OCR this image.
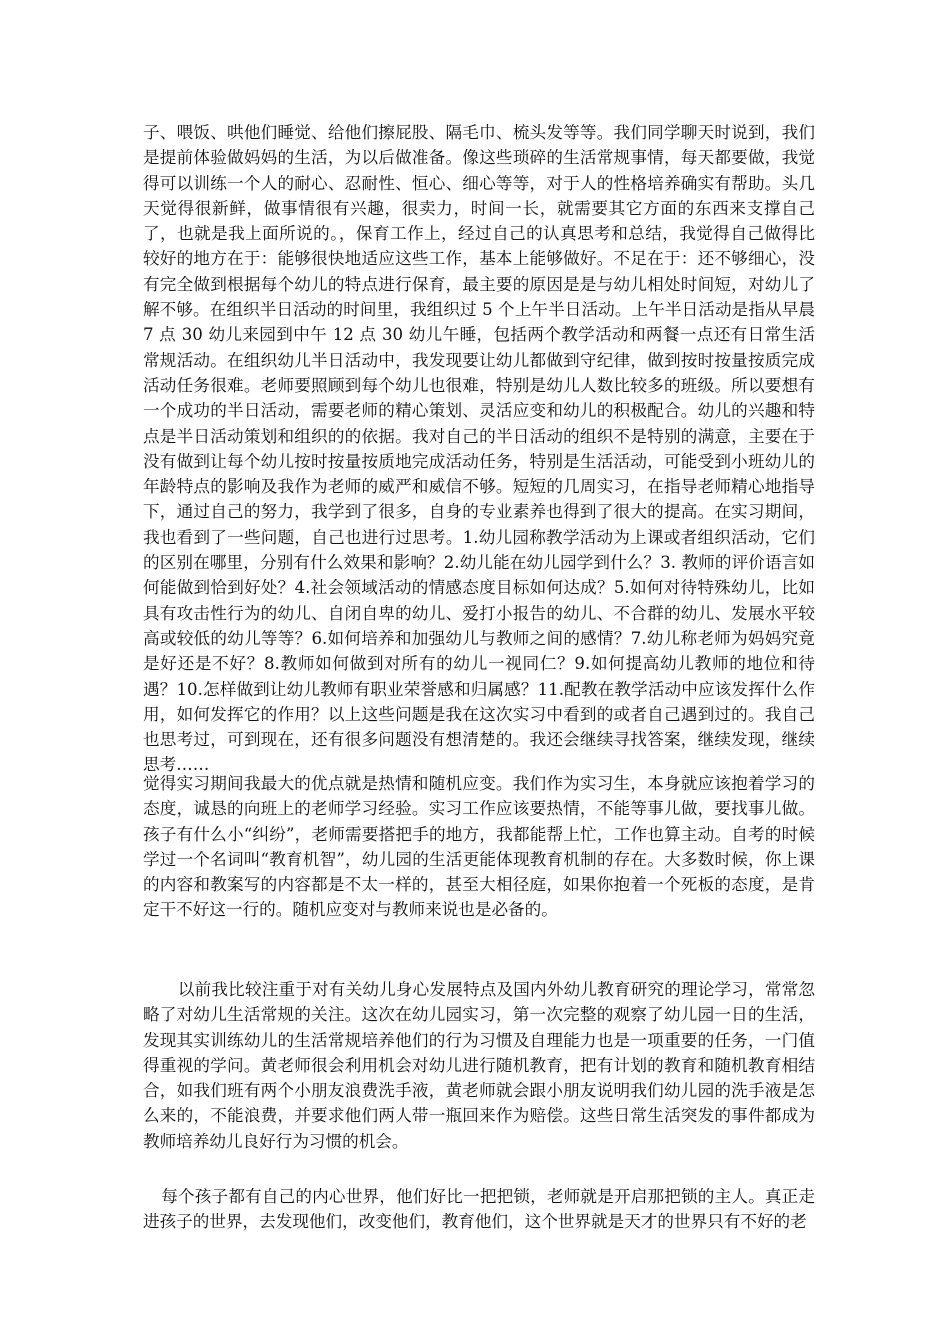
子、喂饭、哄他们睡觉、给他们擦屁股、隔毛巾、梳头发等等。我们同学聊天时说到，我们是提前体验做妈妈的生活，为以后做准备。像这些琐碎的生活常规事情，每天都要做，我觉得可以训练一个人的耐心、忍耐性、恒心、细心等等，对于人的性格培养确实有帮助。头几天觉得很新鲜，做事情很有兴趣，很卖力，时间一长，就需要其它方面的东西来支撑自己了，也就是我上面所说的。，保育工作上，经过自己的认真思考和总结，我觉得自己做得比较好的地方在于：能够很快地适应这些工作，基本上能够做好。不足在于：还不够细心，没有完全做到根据每个幼儿的特点进行保育，最主要的原因是是与幼儿相处时间短，对幼儿了解不够。在组织半日活动的时间里，我组织过 5 个上午半日活动。上午半日活动是指从早晨 7 点 30 幼儿来园到中午 12 点 30 幼儿午睡，包括两个教学活动和两餐一点还有日常生活常规活动。在组织幼儿半日活动中，我发现要让幼儿都做到守纪律，做到按时按量按质完成活动任务很难。老师要照顾到每个幼儿也很难，特别是幼儿人数比较多的班级。所以要想有一个成功的半日活动，需要老师的精心策划、灵活应变和幼儿的积极配合。幼儿的兴趣和特点是半日活动策划和组织的的依据。我对自己的半日活动的组织不是特别的满意，主要在于没有做到让每个幼儿按时按量按质地完成活动任务，特别是生活活动，可能受到小班幼儿的年龄特点的影响及我作为老师的威严和威信不够。短短的几周实习，在指导老师精心地指导下，通过自己的努力，我学到了很多，自身的专业素养也得到了很大的提高。在实习期间，我也看到了一些问题，自己也进行过思考。1.幼儿园称教学活动为上课或者组织活动，它们的区别在哪里，分别有什么效果和影响？2.幼儿能在幼儿园学到什么？3. 教师的评价语言如何能做到恰到好处？4.社会领域活动的情感态度目标如何达成？5.如何对待特殊幼儿，比如具有攻击性行为的幼儿、自闭自卑的幼儿、爱打小报告的幼儿、不合群的幼儿、发展水平较高或较低的幼儿等等？6.如何培养和加强幼儿与教师之间的感情？7.幼儿称老师为妈妈究竟是好还是不好？8.教师如何做到对所有的幼儿一视同仁？9.如何提高幼儿教师的地位和待遇？10.怎样做到让幼儿教师有职业荣誉感和归属感？11.配教在教学活动中应该发挥什么作用，如何发挥它的作用？以上这些问题是我在这次实习中看到的或者自己遇到过的。我自己也思考过，可到现在，还有很多问题没有想清楚的。我还会继续寻找答案，继续发现，继续思考……

觉得实习期间我最大的优点就是热情和随机应变。我们作为实习生，本身就应该抱着学习的态度，诚恳的向班上的老师学习经验。实习工作应该要热情，不能等事儿做，要找事儿做。孩子有什么小“纠纷”，老师需要搭把手的地方，我都能帮上忙，工作也算主动。自考的时候学过一个名词叫“教育机智”，幼儿园的生活更能体现教育机制的存在。大多数时候，你上课的内容和教案写的内容都是不太一样的，甚至大相径庭，如果你抱着一个死板的态度，是肯定干不好这一行的。随机应变对与教师来说也是必备的。

以前我比较注重于对有关幼儿身心发展特点及国内外幼儿教育研究的理论学习，常常忽略了对幼儿生活常规的关注。这次在幼儿园实习，第一次完整的观察了幼儿园一日的生活，发现其实训练幼儿的生活常规培养他们的行为习惯及自理能力也是一项重要的任务，一门值得重视的学问。黄老师很会利用机会对幼儿进行随机教育，把有计划的教育和随机教育相结合，如我们班有两个小朋友浪费洗手液，黄老师就会跟小朋友说明我们幼儿园的洗手液是怎么来的，不能浪费，并要求他们两人带一瓶回来作为赔偿。这些日常生活突发的事件都成为教师培养幼儿良好行为习惯的机会。

每个孩子都有自己的内心世界，他们好比一把把锁，老师就是开启那把锁的主人。真正走进孩子的世界，去发现他们，改变他们，教育他们，这个世界就是天才的世界只有不好的老
